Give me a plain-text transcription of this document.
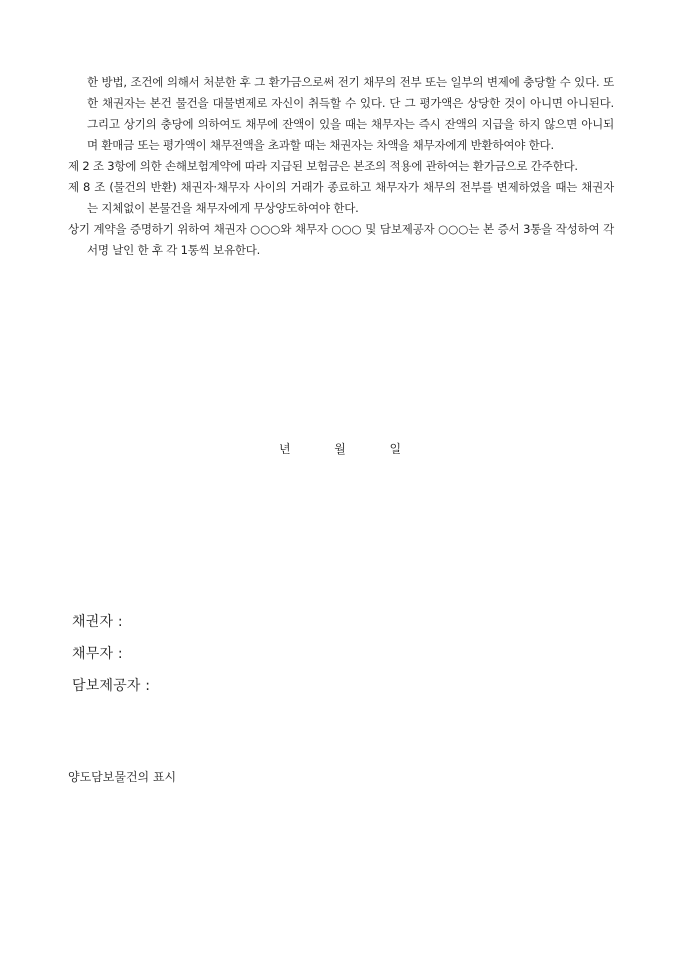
한 방법, 조건에 의해서 처분한 후 그 환가금으로써 전기 채무의 전부 또는 일부의 변제에 충당할 수 있다. 또한 채권자는 본건 물건을 대물변제로 자신이 취득할 수 있다. 단 그 평가액은 상당한 것이 아니면 아니된다. 그리고 상기의 충당에 의하여도 채무에 잔액이 있을 때는 채무자는 즉시 잔액의 지급을 하지 않으면 아니되며 환매금 또는 평가액이 채무전액을 초과할 때는 채권자는 차액을 채무자에게 반환하여야 한다.

제 2 조 3항에 의한 손해보험계약에 따라 지급된 보험금은 본조의 적용에 관하여는 환가금으로 간주한다.

제 8 조 (물건의 반환) 채권자·채무자 사이의 거래가 종료하고 채무자가 채무의 전부를 변제하였을 때는 채권자는 지체없이 본물건을 채무자에게 무상양도하여야 한다.

상기 계약을 증명하기 위하여 채권자 ○○○와 채무자 ○○○ 및 담보제공자 ○○○는 본 증서 3통을 작성하여 각 서명 날인 한 후 각 1통씩 보유한다.

년	월	일
채권자 :
채무자 :
담보제공자 :
양도담보물건의 표시
